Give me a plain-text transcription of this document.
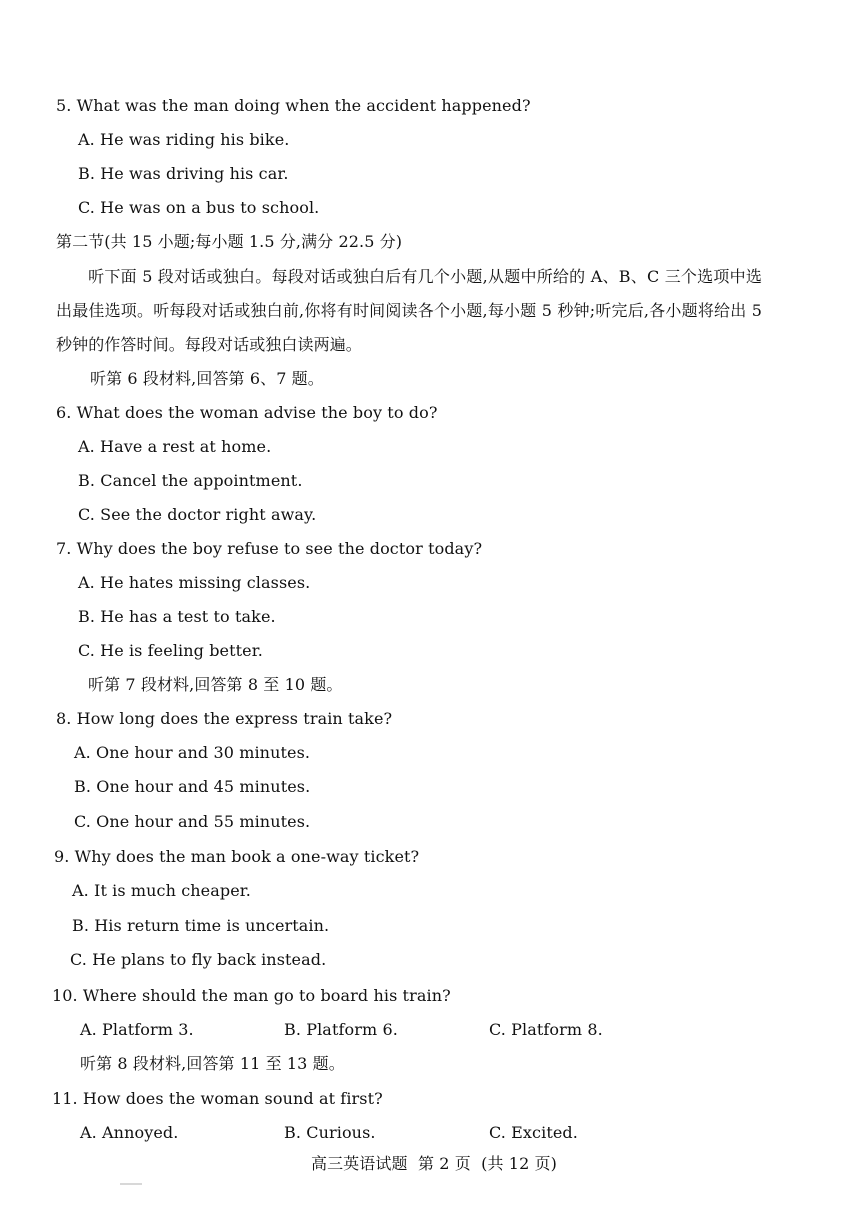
5. What was the man doing when the accident happened?
A. He was riding his bike.
B. He was driving his car.
C. He was on a bus to school.
第二节(共 15 小题;每小题 1.5 分,满分 22.5 分)
听下面 5 段对话或独白。每段对话或独白后有几个小题,从题中所给的 A、B、C 三个选项中选出最佳选项。听每段对话或独白前,你将有时间阅读各个小题,每小题 5 秒钟;听完后,各小题将给出 5 秒钟的作答时间。每段对话或独白读两遍。
听第 6 段材料,回答第 6、7 题。
6. What does the woman advise the boy to do?
A. Have a rest at home.
B. Cancel the appointment.
C. See the doctor right away.
7. Why does the boy refuse to see the doctor today?
A. He hates missing classes.
B. He has a test to take.
C. He is feeling better.
听第 7 段材料,回答第 8 至 10 题。
8. How long does the express train take?
A. One hour and 30 minutes.
B. One hour and 45 minutes.
C. One hour and 55 minutes.
9. Why does the man book a one-way ticket?
A. It is much cheaper.
B. His return time is uncertain.
C. He plans to fly back instead.
10. Where should the man go to board his train?
A. Platform 3.	B. Platform 6.	C. Platform 8.
听第 8 段材料,回答第 11 至 13 题。
11. How does the woman sound at first?
A. Annoyed.	B. Curious.	C. Excited.
高三英语试题  第 2 页  (共 12 页)
